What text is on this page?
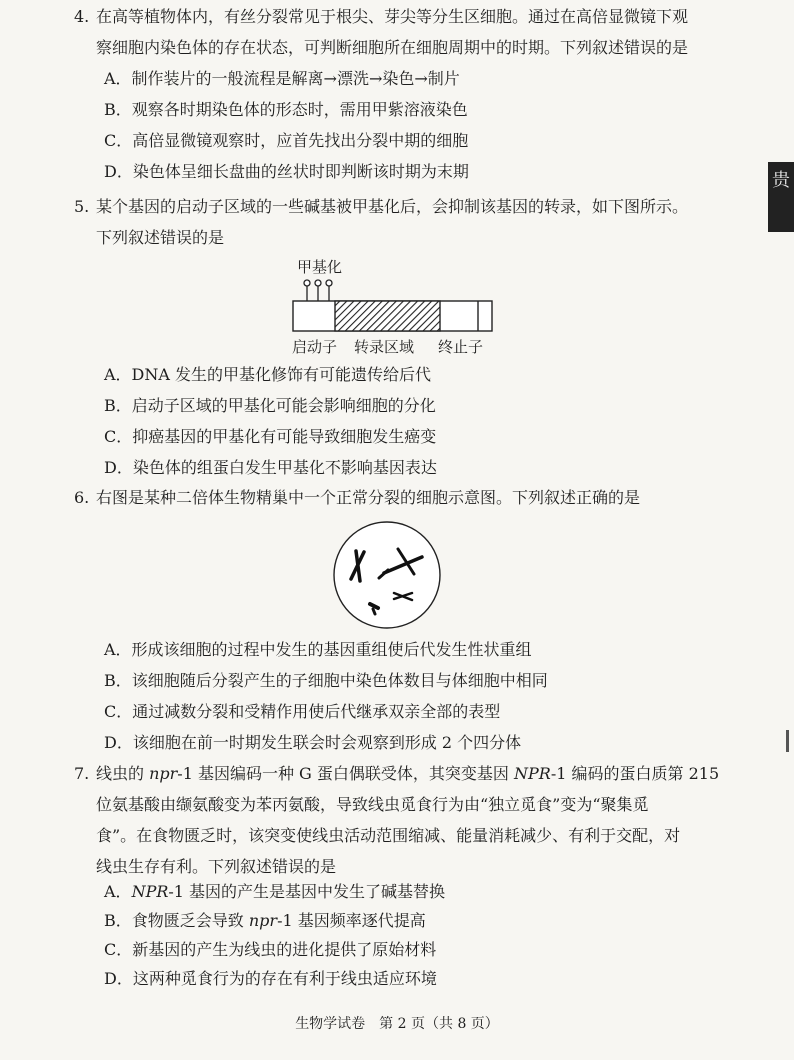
贵
4. 在高等植物体内，有丝分裂常见于根尖、芽尖等分生区细胞。通过在高倍显微镜下观
察细胞内染色体的存在状态，可判断细胞所在细胞周期中的时期。下列叙述错误的是
A．制作装片的一般流程是解离→漂洗→染色→制片
B．观察各时期染色体的形态时，需用甲紫溶液染色
C．高倍显微镜观察时，应首先找出分裂中期的细胞
D．染色体呈细长盘曲的丝状时即判断该时期为末期
5. 某个基因的启动子区域的一些碱基被甲基化后，会抑制该基因的转录，如下图所示。
下列叙述错误的是
甲基化
启动子 转录区域 终止子
A．DNA 发生的甲基化修饰有可能遗传给后代
B．启动子区域的甲基化可能会影响细胞的分化
C．抑癌基因的甲基化有可能导致细胞发生癌变
D．染色体的组蛋白发生甲基化不影响基因表达
6. 右图是某种二倍体生物精巢中一个正常分裂的细胞示意图。下列叙述正确的是
A．形成该细胞的过程中发生的基因重组使后代发生性状重组
B．该细胞随后分裂产生的子细胞中染色体数目与体细胞中相同
C．通过减数分裂和受精作用使后代继承双亲全部的表型
D．该细胞在前一时期发生联会时会观察到形成 2 个四分体
7. 线虫的 npr-1 基因编码一种 G 蛋白偶联受体，其突变基因 NPR-1 编码的蛋白质第 215
位氨基酸由缬氨酸变为苯丙氨酸，导致线虫觅食行为由“独立觅食”变为“聚集觅
食”。在食物匮乏时，该突变使线虫活动范围缩减、能量消耗减少、有利于交配，对
线虫生存有利。下列叙述错误的是
A．NPR-1 基因的产生是基因中发生了碱基替换
B．食物匮乏会导致 npr-1 基因频率逐代提高
C．新基因的产生为线虫的进化提供了原始材料
D．这两种觅食行为的存在有利于线虫适应环境
生物学试卷　第 2 页（共 8 页）
